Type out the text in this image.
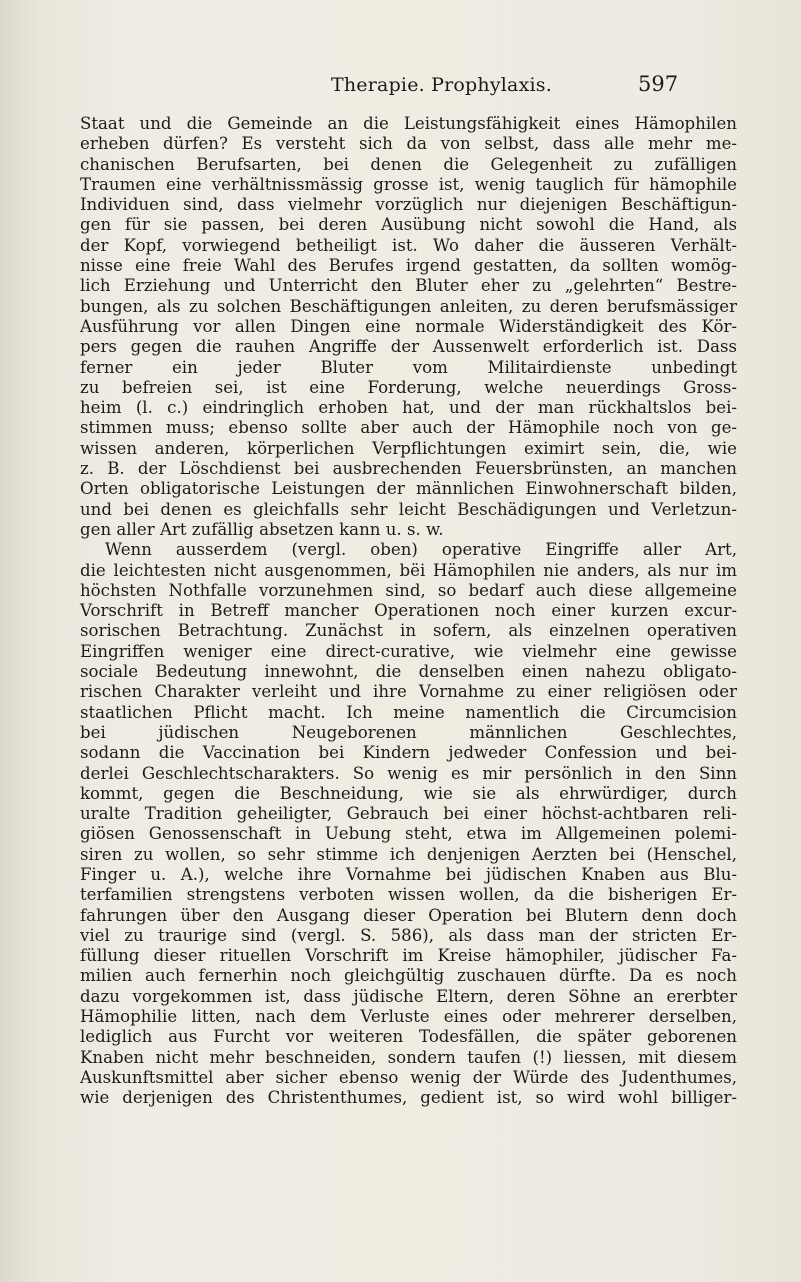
Therapie. Prophylaxis.	597
Staat und die Gemeinde an die Leistungsfähigkeit eines Hämophilen
erheben dürfen? Es versteht sich da von selbst, dass alle mehr me-
chanischen Berufsarten, bei denen die Gelegenheit zu zufälligen
Traumen eine verhältnissmässig grosse ist, wenig tauglich für hämophile
Individuen sind, dass vielmehr vorzüglich nur diejenigen Beschäftigun-
gen für sie passen, bei deren Ausübung nicht sowohl die Hand, als
der Kopf, vorwiegend betheiligt ist. Wo daher die äusseren Verhält-
nisse eine freie Wahl des Berufes irgend gestatten, da sollten womög-
lich Erziehung und Unterricht den Bluter eher zu „gelehrten“ Bestre-
bungen, als zu solchen Beschäftigungen anleiten, zu deren berufsmässiger
Ausführung vor allen Dingen eine normale Widerständigkeit des Kör-
pers gegen die rauhen Angriffe der Aussenwelt erforderlich ist. Dass
ferner ein jeder Bluter vom Militairdienste unbedingt
zu befreien sei, ist eine Forderung, welche neuerdings Gross-
heim (l. c.) eindringlich erhoben hat, und der man rückhaltslos bei-
stimmen muss; ebenso sollte aber auch der Hämophile noch von ge-
wissen anderen, körperlichen Verpflichtungen eximirt sein, die, wie
z. B. der Löschdienst bei ausbrechenden Feuersbrünsten, an manchen
Orten obligatorische Leistungen der männlichen Einwohnerschaft bilden,
und bei denen es gleichfalls sehr leicht Beschädigungen und Verletzun-
gen aller Art zufällig absetzen kann u. s. w.
Wenn ausserdem (vergl. oben) operative Eingriffe aller Art,
die leichtesten nicht ausgenommen, bëi Hämophilen nie anders, als nur im
höchsten Nothfalle vorzunehmen sind, so bedarf auch diese allgemeine
Vorschrift in Betreff mancher Operationen noch einer kurzen excur-
sorischen Betrachtung. Zunächst in sofern, als einzelnen operativen
Eingriffen weniger eine direct-curative, wie vielmehr eine gewisse
sociale Bedeutung innewohnt, die denselben einen nahezu obligato-
rischen Charakter verleiht und ihre Vornahme zu einer religiösen oder
staatlichen Pflicht macht. Ich meine namentlich die Circumcision
bei jüdischen Neugeborenen männlichen Geschlechtes,
sodann die Vaccination bei Kindern jedweder Confession und bei-
derlei Geschlechtscharakters. So wenig es mir persönlich in den Sinn
kommt, gegen die Beschneidung, wie sie als ehrwürdiger, durch
uralte Tradition geheiligter, Gebrauch bei einer höchst-achtbaren reli-
giösen Genossenschaft in Uebung steht, etwa im Allgemeinen polemi-
siren zu wollen, so sehr stimme ich denjenigen Aerzten bei (Henschel,
Finger u. A.), welche ihre Vornahme bei jüdischen Knaben aus Blu-
terfamilien strengstens verboten wissen wollen, da die bisherigen Er-
fahrungen über den Ausgang dieser Operation bei Blutern denn doch
viel zu traurige sind (vergl. S. 586), als dass man der stricten Er-
füllung dieser rituellen Vorschrift im Kreise hämophiler, jüdischer Fa-
milien auch fernerhin noch gleichgültig zuschauen dürfte. Da es noch
dazu vorgekommen ist, dass jüdische Eltern, deren Söhne an ererbter
Hämophilie litten, nach dem Verluste eines oder mehrerer derselben,
lediglich aus Furcht vor weiteren Todesfällen, die später geborenen
Knaben nicht mehr beschneiden, sondern taufen (!) liessen, mit diesem
Auskunftsmittel aber sicher ebenso wenig der Würde des Judenthumes,
wie derjenigen des Christenthumes, gedient ist, so wird wohl billiger-
